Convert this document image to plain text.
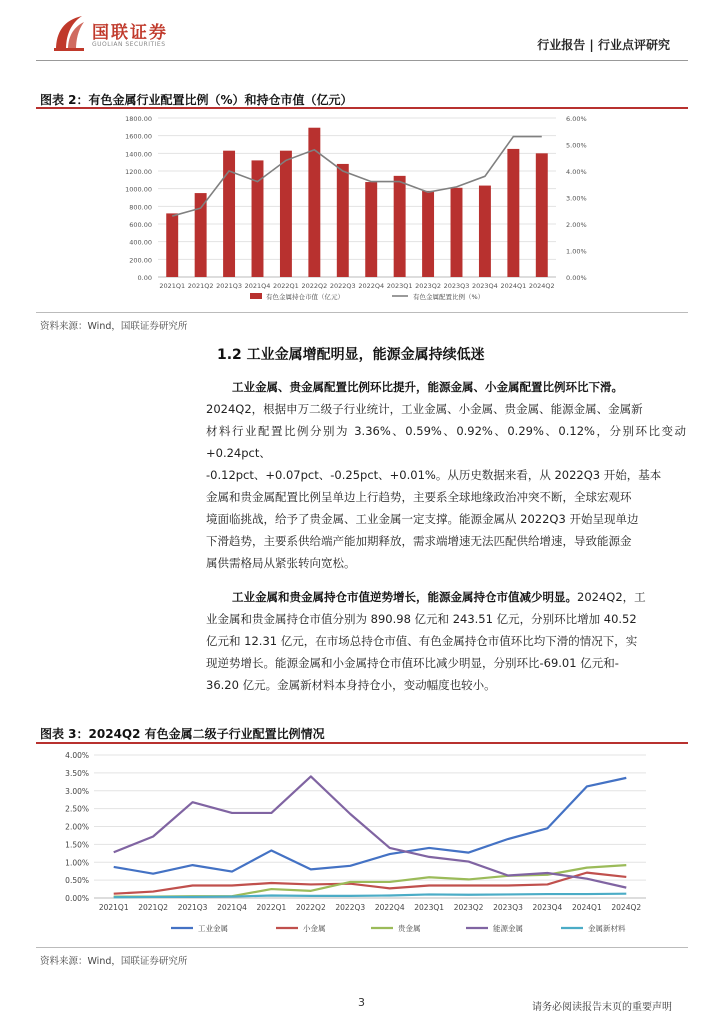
国联证券
GUOLIAN SECURITIES	行业报告 | 行业点评研究
图表 2：有色金属行业配置比例（%）和持仓市值（亿元）
0.00
200.00
400.00
600.00
800.00
1000.00
1200.00
1400.00
1600.00
1800.00
0.00%
1.00%
2.00%
3.00%
4.00%
5.00%
6.00%
2021Q1 2021Q2 2021Q3 2021Q4 2022Q1 2022Q2 2022Q3 2022Q4 2023Q1 2023Q2 2023Q3 2023Q4 2024Q1 2024Q2
有色金属持仓市值（亿元）	有色金属配置比例（%）
资料来源：Wind，国联证券研究所
1.2 工业金属增配明显，能源金属持续低迷
工业金属、贵金属配置比例环比提升，能源金属、小金属配置比例环比下滑。
2024Q2，根据申万二级子行业统计，工业金属、小金属、贵金属、能源金属、金属新
材料行业配置比例分别为 3.36%、0.59%、0.92%、0.29%、0.12%，分别环比变动+0.24pct、
-0.12pct、+0.07pct、-0.25pct、+0.01%。从历史数据来看，从 2022Q3 开始，基本
金属和贵金属配置比例呈单边上行趋势，主要系全球地缘政治冲突不断，全球宏观环
境面临挑战，给予了贵金属、工业金属一定支撑。能源金属从 2022Q3 开始呈现单边
下滑趋势，主要系供给端产能加期释放，需求端增速无法匹配供给增速，导致能源金
属供需格局从紧张转向宽松。
工业金属和贵金属持仓市值逆势增长，能源金属持仓市值减少明显。2024Q2，工
业金属和贵金属持仓市值分别为 890.98 亿元和 243.51 亿元，分别环比增加 40.52
亿元和 12.31 亿元，在市场总持仓市值、有色金属持仓市值环比均下滑的情况下，实
现逆势增长。能源金属和小金属持仓市值环比减少明显，分别环比-69.01 亿元和-
36.20 亿元。金属新材料本身持仓小，变动幅度也较小。
图表 3：2024Q2 有色金属二级子行业配置比例情况
0.00%
0.50%
1.00%
1.50%
2.00%
2.50%
3.00%
3.50%
4.00%
2021Q1 2021Q2 2021Q3 2021Q4 2022Q1 2022Q2 2022Q3 2022Q4 2023Q1 2023Q2 2023Q3 2023Q4 2024Q1 2024Q2
工业金属	小金属	贵金属	能源金属	金属新材料
资料来源：Wind，国联证券研究所
3	请务必阅读报告末页的重要声明
